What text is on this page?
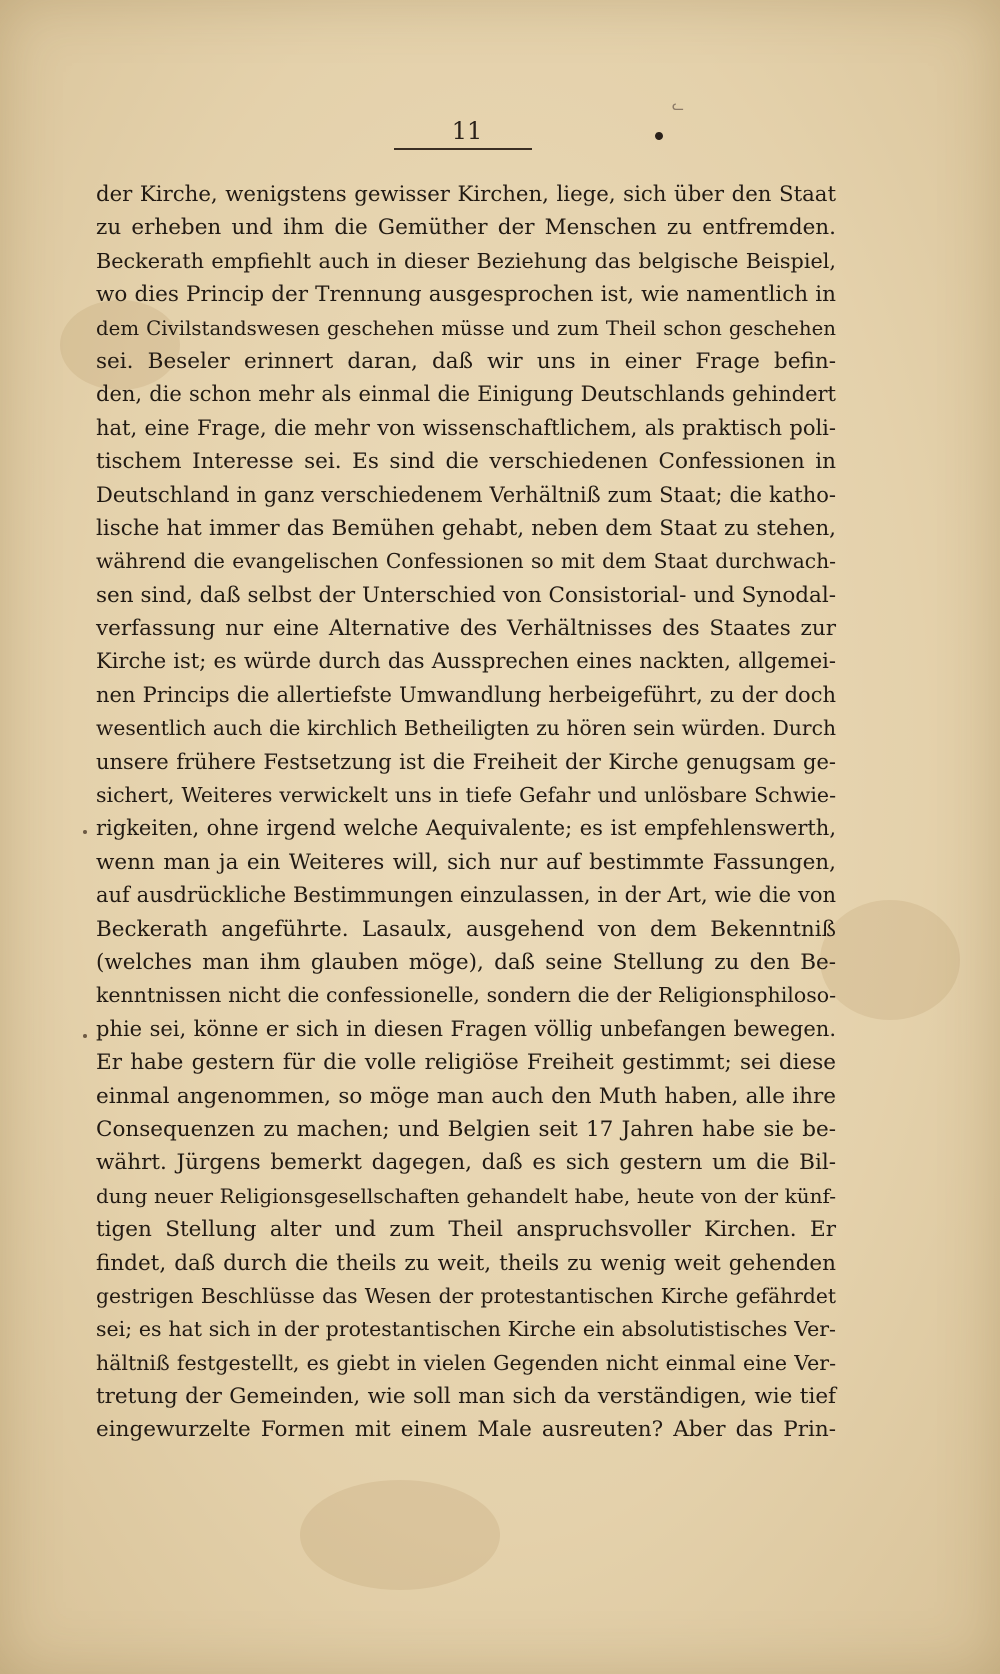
11
ᓚ
der Kirche, wenigstens gewisser Kirchen, liege, sich über den Staat
zu erheben und ihm die Gemüther der Menschen zu entfremden.
Beckerath empfiehlt auch in dieser Beziehung das belgische Beispiel,
wo dies Princip der Trennung ausgesprochen ist, wie namentlich in
dem Civilstandswesen geschehen müsse und zum Theil schon geschehen
sei. Beseler erinnert daran, daß wir uns in einer Frage befin-
den, die schon mehr als einmal die Einigung Deutschlands gehindert
hat, eine Frage, die mehr von wissenschaftlichem, als praktisch poli-
tischem Interesse sei. Es sind die verschiedenen Confessionen in
Deutschland in ganz verschiedenem Verhältniß zum Staat; die katho-
lische hat immer das Bemühen gehabt, neben dem Staat zu stehen,
während die evangelischen Confessionen so mit dem Staat durchwach-
sen sind, daß selbst der Unterschied von Consistorial- und Synodal-
verfassung nur eine Alternative des Verhältnisses des Staates zur
Kirche ist; es würde durch das Aussprechen eines nackten, allgemei-
nen Princips die allertiefste Umwandlung herbeigeführt, zu der doch
wesentlich auch die kirchlich Betheiligten zu hören sein würden. Durch
unsere frühere Festsetzung ist die Freiheit der Kirche genugsam ge-
sichert, Weiteres verwickelt uns in tiefe Gefahr und unlösbare Schwie-
rigkeiten, ohne irgend welche Aequivalente; es ist empfehlenswerth,
wenn man ja ein Weiteres will, sich nur auf bestimmte Fassungen,
auf ausdrückliche Bestimmungen einzulassen, in der Art, wie die von
Beckerath angeführte. Lasaulx, ausgehend von dem Bekenntniß
(welches man ihm glauben möge), daß seine Stellung zu den Be-
kenntnissen nicht die confessionelle, sondern die der Religionsphiloso-
phie sei, könne er sich in diesen Fragen völlig unbefangen bewegen.
Er habe gestern für die volle religiöse Freiheit gestimmt; sei diese
einmal angenommen, so möge man auch den Muth haben, alle ihre
Consequenzen zu machen; und Belgien seit 17 Jahren habe sie be-
währt. Jürgens bemerkt dagegen, daß es sich gestern um die Bil-
dung neuer Religionsgesellschaften gehandelt habe, heute von der künf-
tigen Stellung alter und zum Theil anspruchsvoller Kirchen. Er
findet, daß durch die theils zu weit, theils zu wenig weit gehenden
gestrigen Beschlüsse das Wesen der protestantischen Kirche gefährdet
sei; es hat sich in der protestantischen Kirche ein absolutistisches Ver-
hältniß festgestellt, es giebt in vielen Gegenden nicht einmal eine Ver-
tretung der Gemeinden, wie soll man sich da verständigen, wie tief
eingewurzelte Formen mit einem Male ausreuten? Aber das Prin-
